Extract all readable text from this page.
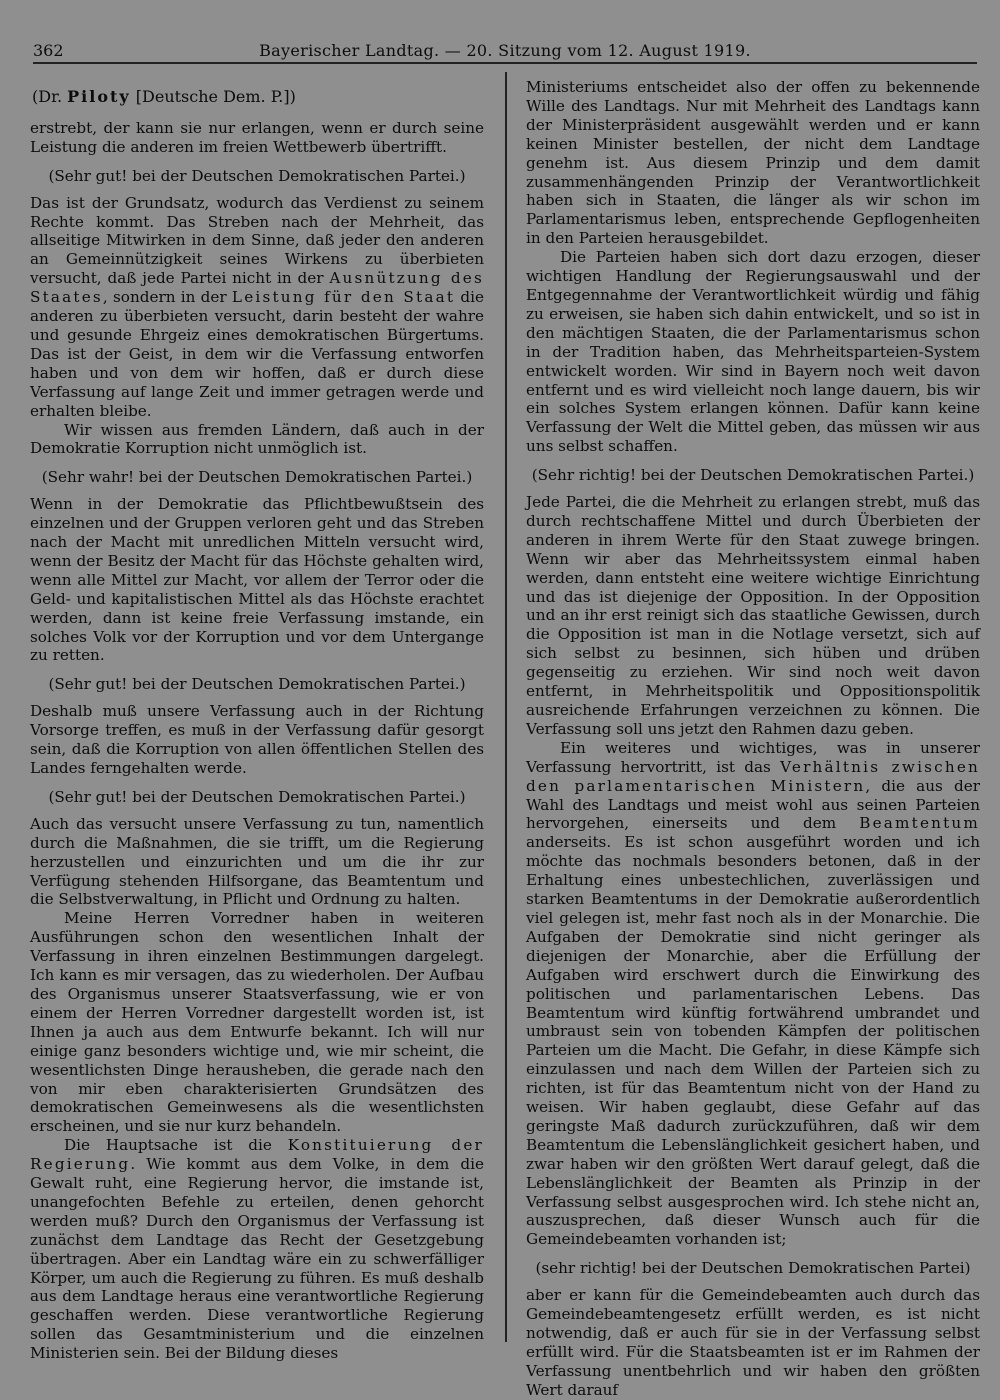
362	Bayerischer Landtag. — 20. Sitzung vom 12. August 1919.
(Dr. Piloty [Deutsche Dem. P.])

erstrebt, der kann sie nur erlangen, wenn er durch seine Leistung die anderen im freien Wettbewerb übertrifft.

(Sehr gut! bei der Deutschen Demokratischen Partei.)

Das ist der Grundsatz, wodurch das Verdienst zu seinem Rechte kommt. Das Streben nach der Mehrheit, das allseitige Mitwirken in dem Sinne, daß jeder den anderen an Gemeinnützigkeit seines Wirkens zu überbieten versucht, daß jede Partei nicht in der Ausnützung des Staates, sondern in der Leistung für den Staat die anderen zu überbieten versucht, darin besteht der wahre und gesunde Ehrgeiz eines demokratischen Bürgertums. Das ist der Geist, in dem wir die Verfassung entworfen haben und von dem wir hoffen, daß er durch diese Verfassung auf lange Zeit und immer getragen werde und erhalten bleibe.

Wir wissen aus fremden Ländern, daß auch in der Demokratie Korruption nicht unmöglich ist.

(Sehr wahr! bei der Deutschen Demokratischen Partei.)

Wenn in der Demokratie das Pflichtbewußtsein des einzelnen und der Gruppen verloren geht und das Streben nach der Macht mit unredlichen Mitteln versucht wird, wenn der Besitz der Macht für das Höchste gehalten wird, wenn alle Mittel zur Macht, vor allem der Terror oder die Geld- und kapitalistischen Mittel als das Höchste erachtet werden, dann ist keine freie Verfassung imstande, ein solches Volk vor der Korruption und vor dem Untergange zu retten.

(Sehr gut! bei der Deutschen Demokratischen Partei.)

Deshalb muß unsere Verfassung auch in der Richtung Vorsorge treffen, es muß in der Verfassung dafür gesorgt sein, daß die Korruption von allen öffentlichen Stellen des Landes ferngehalten werde.

(Sehr gut! bei der Deutschen Demokratischen Partei.)

Auch das versucht unsere Verfassung zu tun, namentlich durch die Maßnahmen, die sie trifft, um die Regierung herzustellen und einzurichten und um die ihr zur Verfügung stehenden Hilfsorgane, das Beamtentum und die Selbstverwaltung, in Pflicht und Ordnung zu halten.

Meine Herren Vorredner haben in weiteren Ausführungen schon den wesentlichen Inhalt der Verfassung in ihren einzelnen Bestimmungen dargelegt. Ich kann es mir versagen, das zu wiederholen. Der Aufbau des Organismus unserer Staatsverfassung, wie er von einem der Herren Vorredner dargestellt worden ist, ist Ihnen ja auch aus dem Entwurfe bekannt. Ich will nur einige ganz besonders wichtige und, wie mir scheint, die wesentlichsten Dinge herausheben, die gerade nach den von mir eben charakterisierten Grundsätzen des demokratischen Gemeinwesens als die wesentlichsten erscheinen, und sie nur kurz behandeln.

Die Hauptsache ist die Konstituierung der Regierung. Wie kommt aus dem Volke, in dem die Gewalt ruht, eine Regierung hervor, die imstande ist, unangefochten Befehle zu erteilen, denen gehorcht werden muß? Durch den Organismus der Verfassung ist zunächst dem Landtage das Recht der Gesetzgebung übertragen. Aber ein Landtag wäre ein zu schwerfälliger Körper, um auch die Regierung zu führen. Es muß deshalb aus dem Landtage heraus eine verantwortliche Regierung geschaffen werden. Diese verantwortliche Regierung sollen das Gesamtministerium und die einzelnen Ministerien sein. Bei der Bildung dieses

Ministeriums entscheidet also der offen zu bekennende Wille des Landtags. Nur mit Mehrheit des Landtags kann der Ministerpräsident ausgewählt werden und er kann keinen Minister bestellen, der nicht dem Landtage genehm ist. Aus diesem Prinzip und dem damit zusammenhängenden Prinzip der Verantwortlichkeit haben sich in Staaten, die länger als wir schon im Parlamentarismus leben, entsprechende Gepflogenheiten in den Parteien herausgebildet.

Die Parteien haben sich dort dazu erzogen, dieser wichtigen Handlung der Regierungsauswahl und der Entgegennahme der Verantwortlichkeit würdig und fähig zu erweisen, sie haben sich dahin entwickelt, und so ist in den mächtigen Staaten, die der Parlamentarismus schon in der Tradition haben, das Mehrheitsparteien-System entwickelt worden. Wir sind in Bayern noch weit davon entfernt und es wird vielleicht noch lange dauern, bis wir ein solches System erlangen können. Dafür kann keine Verfassung der Welt die Mittel geben, das müssen wir aus uns selbst schaffen.

(Sehr richtig! bei der Deutschen Demokratischen Partei.)

Jede Partei, die die Mehrheit zu erlangen strebt, muß das durch rechtschaffene Mittel und durch Überbieten der anderen in ihrem Werte für den Staat zuwege bringen. Wenn wir aber das Mehrheitssystem einmal haben werden, dann entsteht eine weitere wichtige Einrichtung und das ist diejenige der Opposition. In der Opposition und an ihr erst reinigt sich das staatliche Gewissen, durch die Opposition ist man in die Notlage versetzt, sich auf sich selbst zu besinnen, sich hüben und drüben gegenseitig zu erziehen. Wir sind noch weit davon entfernt, in Mehrheitspolitik und Oppositionspolitik ausreichende Erfahrungen verzeichnen zu können. Die Verfassung soll uns jetzt den Rahmen dazu geben.

Ein weiteres und wichtiges, was in unserer Verfassung hervortritt, ist das Verhältnis zwischen den parlamentarischen Ministern, die aus der Wahl des Landtags und meist wohl aus seinen Parteien hervorgehen, einerseits und dem Beamtentum anderseits. Es ist schon ausgeführt worden und ich möchte das nochmals besonders betonen, daß in der Erhaltung eines unbestechlichen, zuverlässigen und starken Beamtentums in der Demokratie außerordentlich viel gelegen ist, mehr fast noch als in der Monarchie. Die Aufgaben der Demokratie sind nicht geringer als diejenigen der Monarchie, aber die Erfüllung der Aufgaben wird erschwert durch die Einwirkung des politischen und parlamentarischen Lebens. Das Beamtentum wird künftig fortwährend umbrandet und umbraust sein von tobenden Kämpfen der politischen Parteien um die Macht. Die Gefahr, in diese Kämpfe sich einzulassen und nach dem Willen der Parteien sich zu richten, ist für das Beamtentum nicht von der Hand zu weisen. Wir haben geglaubt, diese Gefahr auf das geringste Maß dadurch zurückzuführen, daß wir dem Beamtentum die Lebenslänglichkeit gesichert haben, und zwar haben wir den größten Wert darauf gelegt, daß die Lebenslänglichkeit der Beamten als Prinzip in der Verfassung selbst ausgesprochen wird. Ich stehe nicht an, auszusprechen, daß dieser Wunsch auch für die Gemeindebeamten vorhanden ist;

(sehr richtig! bei der Deutschen Demokratischen Partei)

aber er kann für die Gemeindebeamten auch durch das Gemeindebeamtengesetz erfüllt werden, es ist nicht notwendig, daß er auch für sie in der Verfassung selbst erfüllt wird. Für die Staatsbeamten ist er im Rahmen der Verfassung unentbehrlich und wir haben den größten Wert darauf
